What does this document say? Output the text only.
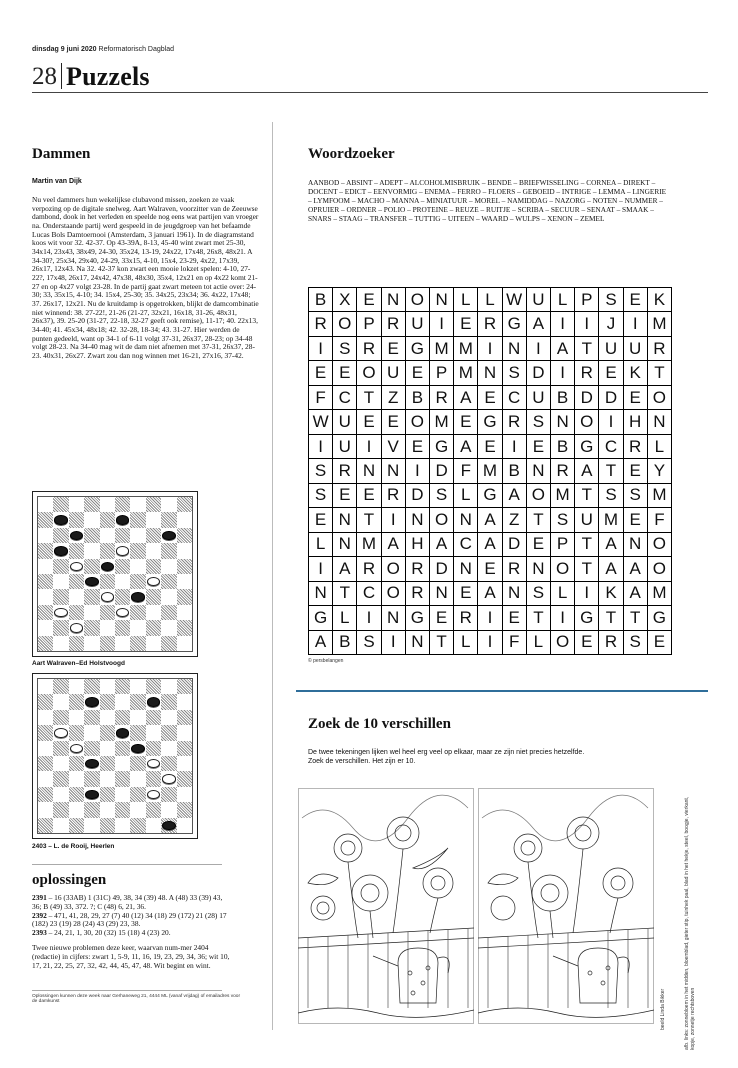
dinsdag 9 juni 2020 Reformatorisch Dagblad
28 Puzzels
Dammen
Martin van Dijk
Nu veel dammers hun wekelijkse clubavond missen, zoeken ze vaak verpozing op de digitale snelweg. Aart Walraven, voorzitter van de Zeeuwse dambond, dook in het verleden en speelde nog eens wat partijen van vroeger na. Onderstaande partij werd gespeeld in de jeugdgroep van het befaamde Lucas Bols Damtoernooi (Amsterdam, 3 januari 1961). In de diagramstand koos wit voor 32. 42-37. Op 43-39A, 8-13, 45-40 wint zwart met 25-30, 34x14, 23x43, 38x49, 24-30, 35x24, 13-19, 24x22, 17x48, 26x8, 48x21. A 34-30?, 25x34, 29x40, 24-29, 33x15, 4-10, 15x4, 23-29, 4x22, 17x39, 26x17, 12x43. Na 32. 42-37 kon zwart een mooie lokzet spelen: 4-10, 27-22?, 17x48, 26x17, 24x42, 47x38, 48x30, 35x4, 12x21 en op 4x22 komt 21-27 en op 4x27 volgt 23-28. In de partij gaat zwart meteen tot actie over: 24-30; 33, 35x15, 4-10; 34. 15x4, 25-30; 35. 34x25, 23x34; 36. 4x22, 17x48; 37. 26x17, 12x21. Nu de kruitdamp is opgetrokken, blijkt de damcombinatie niet winnend: 38. 27-22!, 21-26 (21-27, 32x21, 16x18, 31-26, 48x31, 26x37), 39. 25-20 (31-27, 22-18, 32-27 geeft ook remise), 11-17; 40. 22x13, 34-40; 41. 45x34, 48x18; 42. 32-28, 18-34; 43. 31-27. Hier werden de punten gedeeld, want op 34-1 of 6-11 volgt 37-31, 26x37, 28-23; op 34-48 volgt 28-23. Na 34-40 mag wit de dam niet afnemen met 37-31, 26x37, 28-23. 40x31, 26x27. Zwart zou dan nog winnen met 16-21, 27x16, 37-42.
Aart Walraven–Ed Holstvoogd
2403 – L. de Rooij, Heerlen
oplossingen

2391 – 16 (33AB) 1 (31C) 49, 38, 34 (39) 48. A (48) 33 (39) 43, 36; B (49) 33, 372. ?; C (48) 6, 21, 36.
2392 – 471, 41, 28, 29, 27 (7) 40 (12) 34 (18) 29 (172) 21 (28) 17 (182) 23 (19) 28 (24) 43 (29) 23, 38.
2393 – 24, 21, 1, 30, 20 (32) 15 (18) 4 (23) 20.

Twee nieuwe problemen deze keer, waarvan num-mer 2404 (redactie) in cijfers: zwart 1, 5-9, 11, 16, 19, 23, 29, 34, 36; wit 10, 17, 21, 22, 25, 27, 32, 42, 44, 45, 47, 48. Wit begint en wint.

Oplossingen kunnen deze week naar Gerhaneweg 21, 4444 ML (vanaf vrijdag) of emailadres voor de damkunst
Woordzoeker
AANBOD – ABSINT – ADEPT – ALCOHOLMISBRUIK – BENDE – BRIEFWISSELING – CORNEA – DIREKT – DOCENT – EDICT – EENVORMIG – ENEMA – FERRO – FLOERS – GEBOEID – INTRIGE – LEMMA – LINGERIE – LYMFOOM – MACHO – MANNA – MINIATUUR – MOREL – NAMIDDAG – NAZORG – NOTEN – NUMMER – OPRUIER – ORDNER – POLIO – PROTEINE – REUZE – RUITJE – SCRIBA – SECUUR – SENAAT – SMAAK – SNARS – STAAG – TRANSFER – TUTTIG – UITEEN – WAARD – WULPS – XENON – ZEMEL
B X E N O N L L W U L P S E K
R O P R U I E R G A I	I	J	I M
I S R E G M M I N I A T U U R
E E O U E P M N S D I R E K T
F C T Z B R A E C U B D D E O
W U E E O M E G R S N O I H N
I U I V E G A E I E B G C R L
S R N N I D F M B N R A T E Y
S E E R D S L G A O M T S S M
E N T I N O N A Z T S U M E F
L N M A H A C A D E P T A N O
I A R O R D N E R N O T A A O
N T C O R N E A N S L	I K A M
G L	I N G E R I E T I G T T G
A B S I N T L	I F L O E R S E
© persbelangen
Zoek de 10 verschillen
De twee tekeningen lijken wel heel erg veel op elkaar, maar ze zijn niet precies hetzelfde.
Zoek de verschillen. Het zijn er 10.
beeld Linda Bikker	afb. links: zonnebloem in het midden, bloemblad, gieter stip, tuinhek paal, blad in het hekje, steel, boogje, vierkant, kopje, zonnetje rechtsboven
